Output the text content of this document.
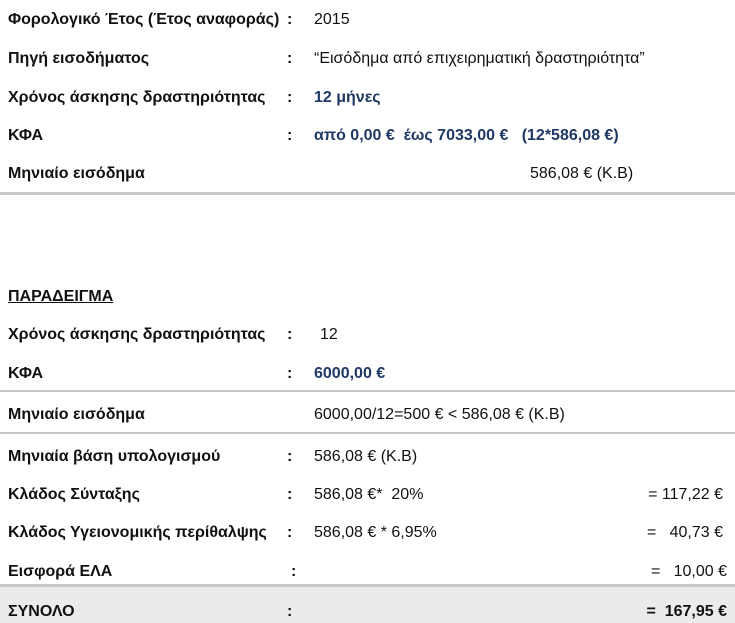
Φορολογικό Έτος (Έτος αναφοράς) : 2015
Πηγή εισοδήματος	: “Εισόδημα από επιχειρηματική δραστηριότητα”
Χρόνος άσκησης δραστηριότητας : 12 μήνες
ΚΦΑ	: από 0,00 €  έως 7033,00 €   (12*586,08 €)
Μηνιαίο εισόδημα	586,08 € (Κ.Β)
ΠΑΡΑΔΕΙΓΜΑ
Χρόνος άσκησης δραστηριότητας : 12
ΚΦΑ	: 6000,00 €
Μηνιαίο εισόδημα	6000,00/12=500 € < 586,08 € (Κ.Β)
Μηνιαία βάση υπολογισμού	: 586,08 € (Κ.Β)
Κλάδος Σύνταξης	: 586,08 €*  20%	= 117,22 €
Κλάδος Υγειονομικής περίθαλψης : 586,08 € * 6,95%	=   40,73 €
Εισφορά ΕΛΑ	:	=   10,00 €
ΣΥΝΟΛΟ	:	=  167,95 €
